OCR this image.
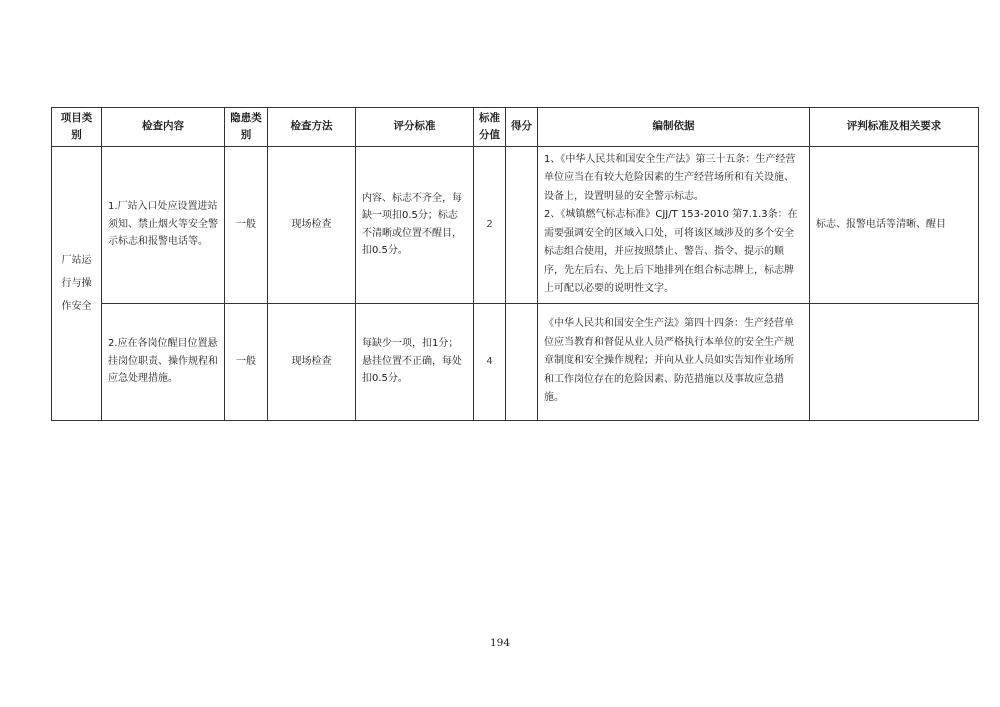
项目类别	检查内容	隐患类别	检查方法	评分标准	标准分值	得分	编制依据	评判标准及相关要求
厂站运行与操作安全	1.厂站入口处应设置进站须知、禁止烟火等安全警示标志和报警电话等。	一般	现场检查	内容、标志不齐全，每缺一项扣0.5分；标志不清晰或位置不醒目，扣0.5分。	2		1、《中华人民共和国安全生产法》第三十五条：生产经营单位应当在有较大危险因素的生产经营场所和有关设施、设备上，设置明显的安全警示标志。
2、《城镇燃气标志标准》CJJ/T 153-2010 第7.1.3条：在需要强调安全的区域入口处，可将该区域涉及的多个安全标志组合使用，并应按照禁止、警告、指令、提示的顺序，先左后右、先上后下地排列在组合标志牌上，标志牌上可配以必要的说明性文字。	标志、报警电话等清晰、醒目
	2.应在各岗位醒目位置悬挂岗位职责、操作规程和应急处理措施。	一般	现场检查	每缺少一项，扣1分；悬挂位置不正确，每处扣0.5分。	4		《中华人民共和国安全生产法》第四十四条：生产经营单位应当教育和督促从业人员严格执行本单位的安全生产规章制度和安全操作规程；并向从业人员如实告知作业场所和工作岗位存在的危险因素、防范措施以及事故应急措施。	

194
